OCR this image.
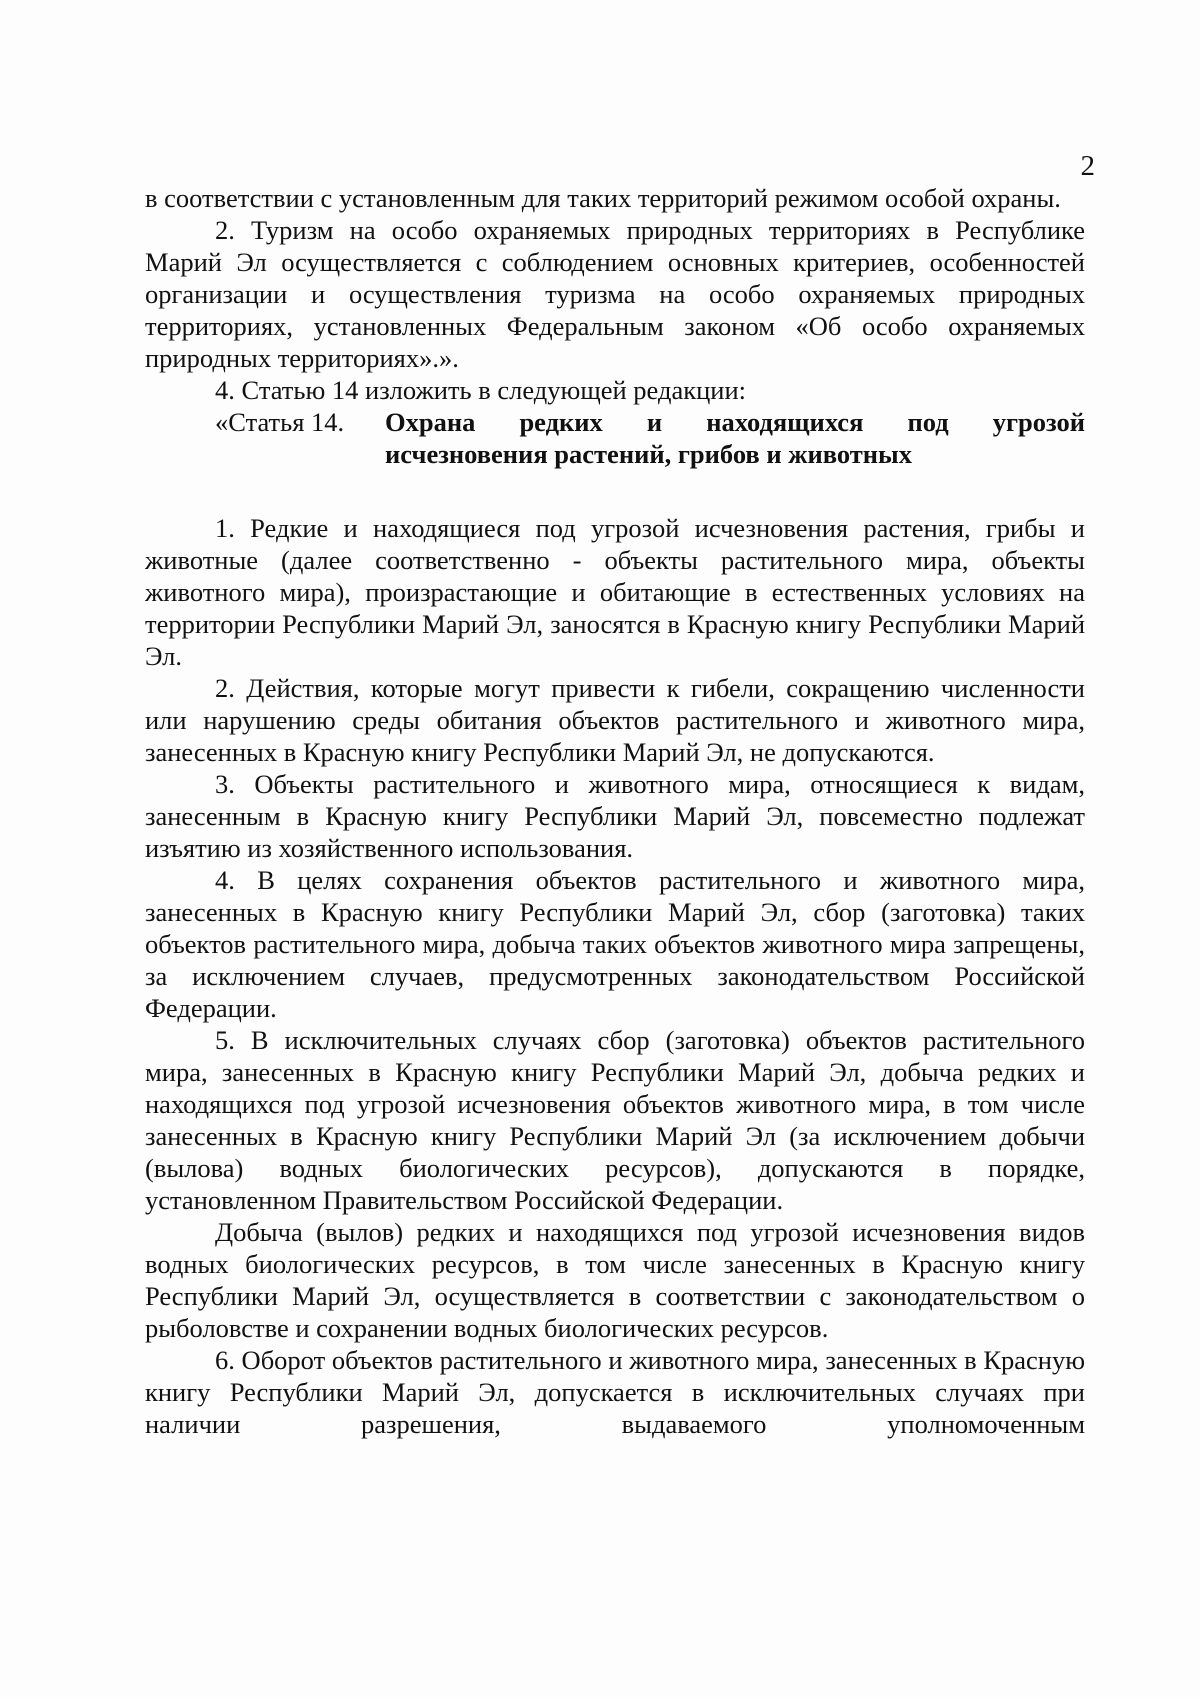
2

в соответствии с установленным для таких территорий режимом особой охраны.

2. Туризм на особо охраняемых природных территориях в Республике Марий Эл осуществляется с соблюдением основных критериев, особенностей организации и осуществления туризма на особо охраняемых природных территориях, установленных Федеральным законом «Об особо охраняемых природных территориях».».

4. Статью 14 изложить в следующей редакции:

«Статья 14.	Охрана редких и находящихся под угрозой
исчезновения растений, грибов и животных

1. Редкие и находящиеся под угрозой исчезновения растения, грибы и животные (далее соответственно - объекты растительного мира, объекты животного мира), произрастающие и обитающие в естественных условиях на территории Республики Марий Эл, заносятся в Красную книгу Республики Марий Эл.

2. Действия, которые могут привести к гибели, сокращению численности или нарушению среды обитания объектов растительного и животного мира, занесенных в Красную книгу Республики Марий Эл, не допускаются.

3. Объекты растительного и животного мира, относящиеся к видам, занесенным в Красную книгу Республики Марий Эл, повсеместно подлежат изъятию из хозяйственного использования.

4. В целях сохранения объектов растительного и животного мира, занесенных в Красную книгу Республики Марий Эл, сбор (заготовка) таких объектов растительного мира, добыча таких объектов животного мира запрещены, за исключением случаев, предусмотренных законодательством Российской Федерации.

5. В исключительных случаях сбор (заготовка) объектов растительного мира, занесенных в Красную книгу Республики Марий Эл, добыча редких и находящихся под угрозой исчезновения объектов животного мира, в том числе занесенных в Красную книгу Республики Марий Эл (за исключением добычи (вылова) водных биологических ресурсов), допускаются в порядке, установленном Правительством Российской Федерации.

Добыча (вылов) редких и находящихся под угрозой исчезновения видов водных биологических ресурсов, в том числе занесенных в Красную книгу Республики Марий Эл, осуществляется в соответствии с законодательством о рыболовстве и сохранении водных биологических ресурсов.

6. Оборот объектов растительного и животного мира, занесенных в Красную книгу Республики Марий Эл, допускается в исключительных случаях при наличии разрешения, выдаваемого уполномоченным
